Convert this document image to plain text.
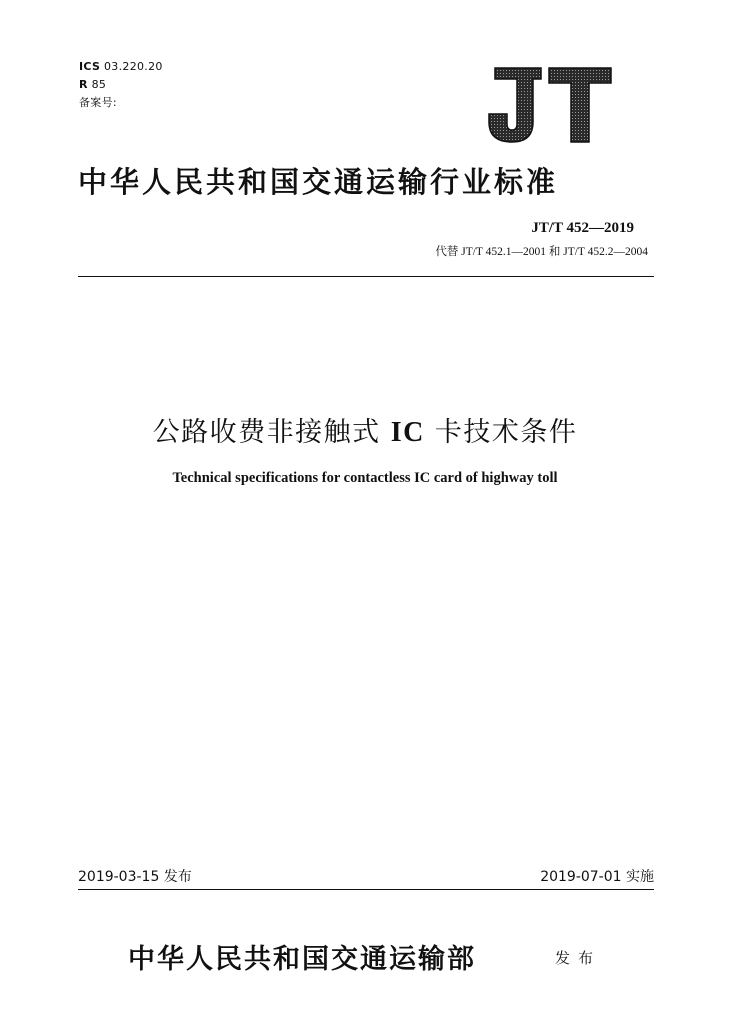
ICS 03.220.20
R 85
备案号:
中华人民共和国交通运输行业标准
JT/T 452—2019
代替 JT/T 452.1—2001 和 JT/T 452.2—2004
公路收费非接触式 IC 卡技术条件
Technical specifications for contactless IC card of highway toll
2019-03-15 发布	2019-07-01 实施
中华人民共和国交通运输部	发布
